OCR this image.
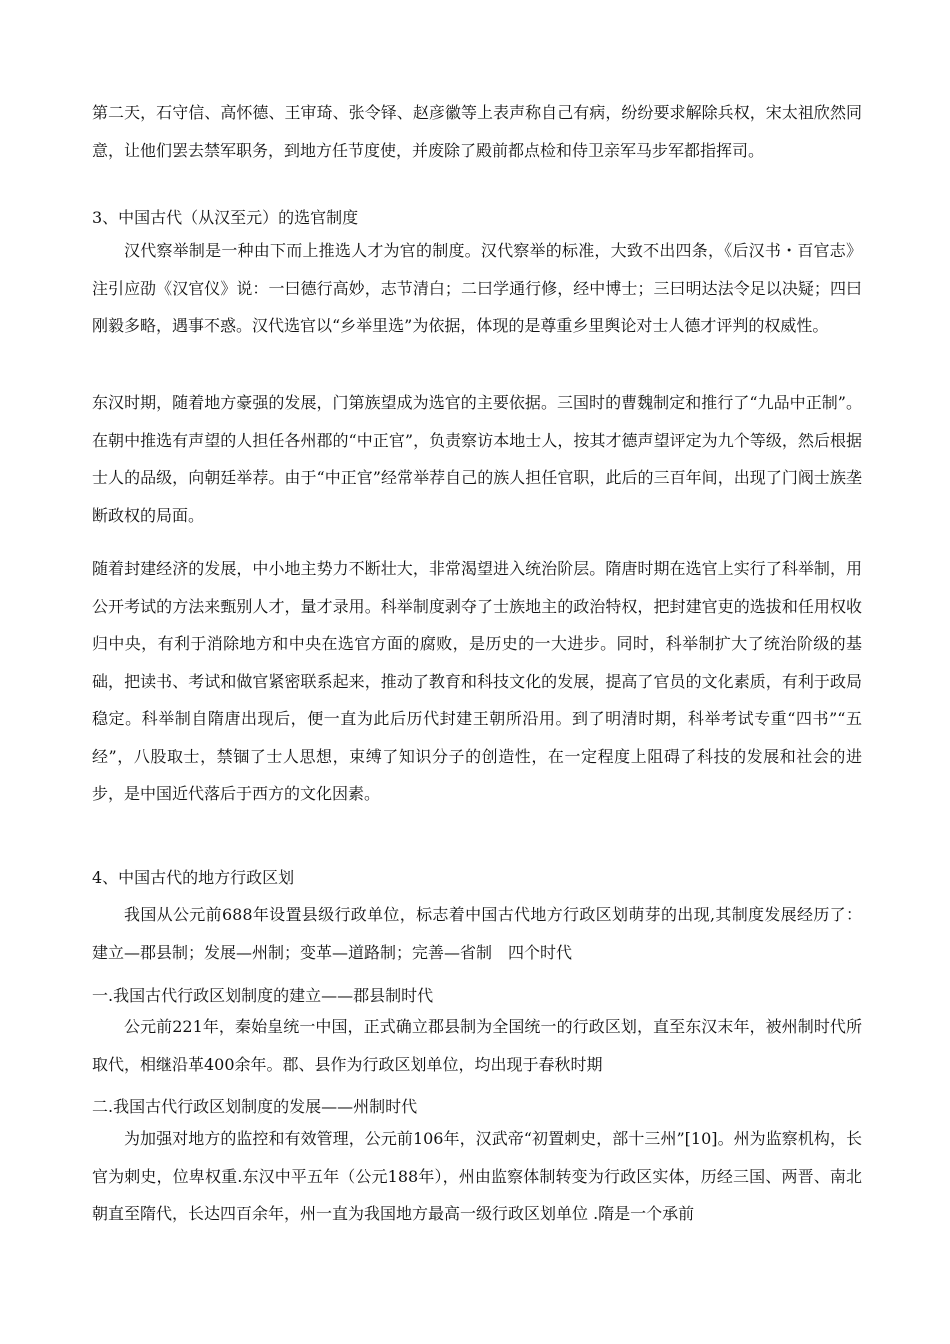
第二天，石守信、高怀德、王审琦、张令铎、赵彦徽等上表声称自己有病，纷纷要求解除兵权，宋太祖欣然同意，让他们罢去禁军职务，到地方任节度使，并废除了殿前都点检和侍卫亲军马步军都指挥司。

3、中国古代（从汉至元）的选官制度

汉代察举制是一种由下而上推选人才为官的制度。汉代察举的标准，大致不出四条，《后汉书・百官志》注引应劭《汉官仪》说：一曰德行高妙，志节清白；二曰学通行修，经中博士；三曰明达法令足以决疑；四曰刚毅多略，遇事不惑。汉代选官以“乡举里选”为依据，体现的是尊重乡里舆论对士人德才评判的权威性。

东汉时期，随着地方豪强的发展，门第族望成为选官的主要依据。三国时的曹魏制定和推行了“九品中正制”。在朝中推选有声望的人担任各州郡的“中正官”，负责察访本地士人，按其才德声望评定为九个等级，然后根据士人的品级，向朝廷举荐。由于“中正官”经常举荐自己的族人担任官职，此后的三百年间，出现了门阀士族垄断政权的局面。

随着封建经济的发展，中小地主势力不断壮大，非常渴望进入统治阶层。隋唐时期在选官上实行了科举制，用公开考试的方法来甄别人才，量才录用。科举制度剥夺了士族地主的政治特权，把封建官吏的选拔和任用权收归中央，有利于消除地方和中央在选官方面的腐败，是历史的一大进步。同时，科举制扩大了统治阶级的基础，把读书、考试和做官紧密联系起来，推动了教育和科技文化的发展，提高了官员的文化素质，有利于政局稳定。科举制自隋唐出现后，便一直为此后历代封建王朝所沿用。到了明清时期，科举考试专重“四书”“五经”，八股取士，禁锢了士人思想，束缚了知识分子的创造性，在一定程度上阻碍了科技的发展和社会的进步，是中国近代落后于西方的文化因素。

4、中国古代的地方行政区划

我国从公元前688年设置县级行政单位，标志着中国古代地方行政区划萌芽的出现,其制度发展经历了：建立—郡县制；发展—州制；变革—道路制；完善—省制　四个时代

一.我国古代行政区划制度的建立——郡县制时代

公元前221年，秦始皇统一中国，正式确立郡县制为全国统一的行政区划，直至东汉末年，被州制时代所取代，相继沿革400余年。郡、县作为行政区划单位，均出现于春秋时期

二.我国古代行政区划制度的发展——州制时代

为加强对地方的监控和有效管理，公元前106年，汉武帝“初置刺史，部十三州”[10]。州为监察机构，长官为刺史，位卑权重.东汉中平五年（公元188年），州由监察体制转变为行政区实体，历经三国、两晋、南北朝直至隋代，长达四百余年，州一直为我国地方最高一级行政区划单位 .隋是一个承前
